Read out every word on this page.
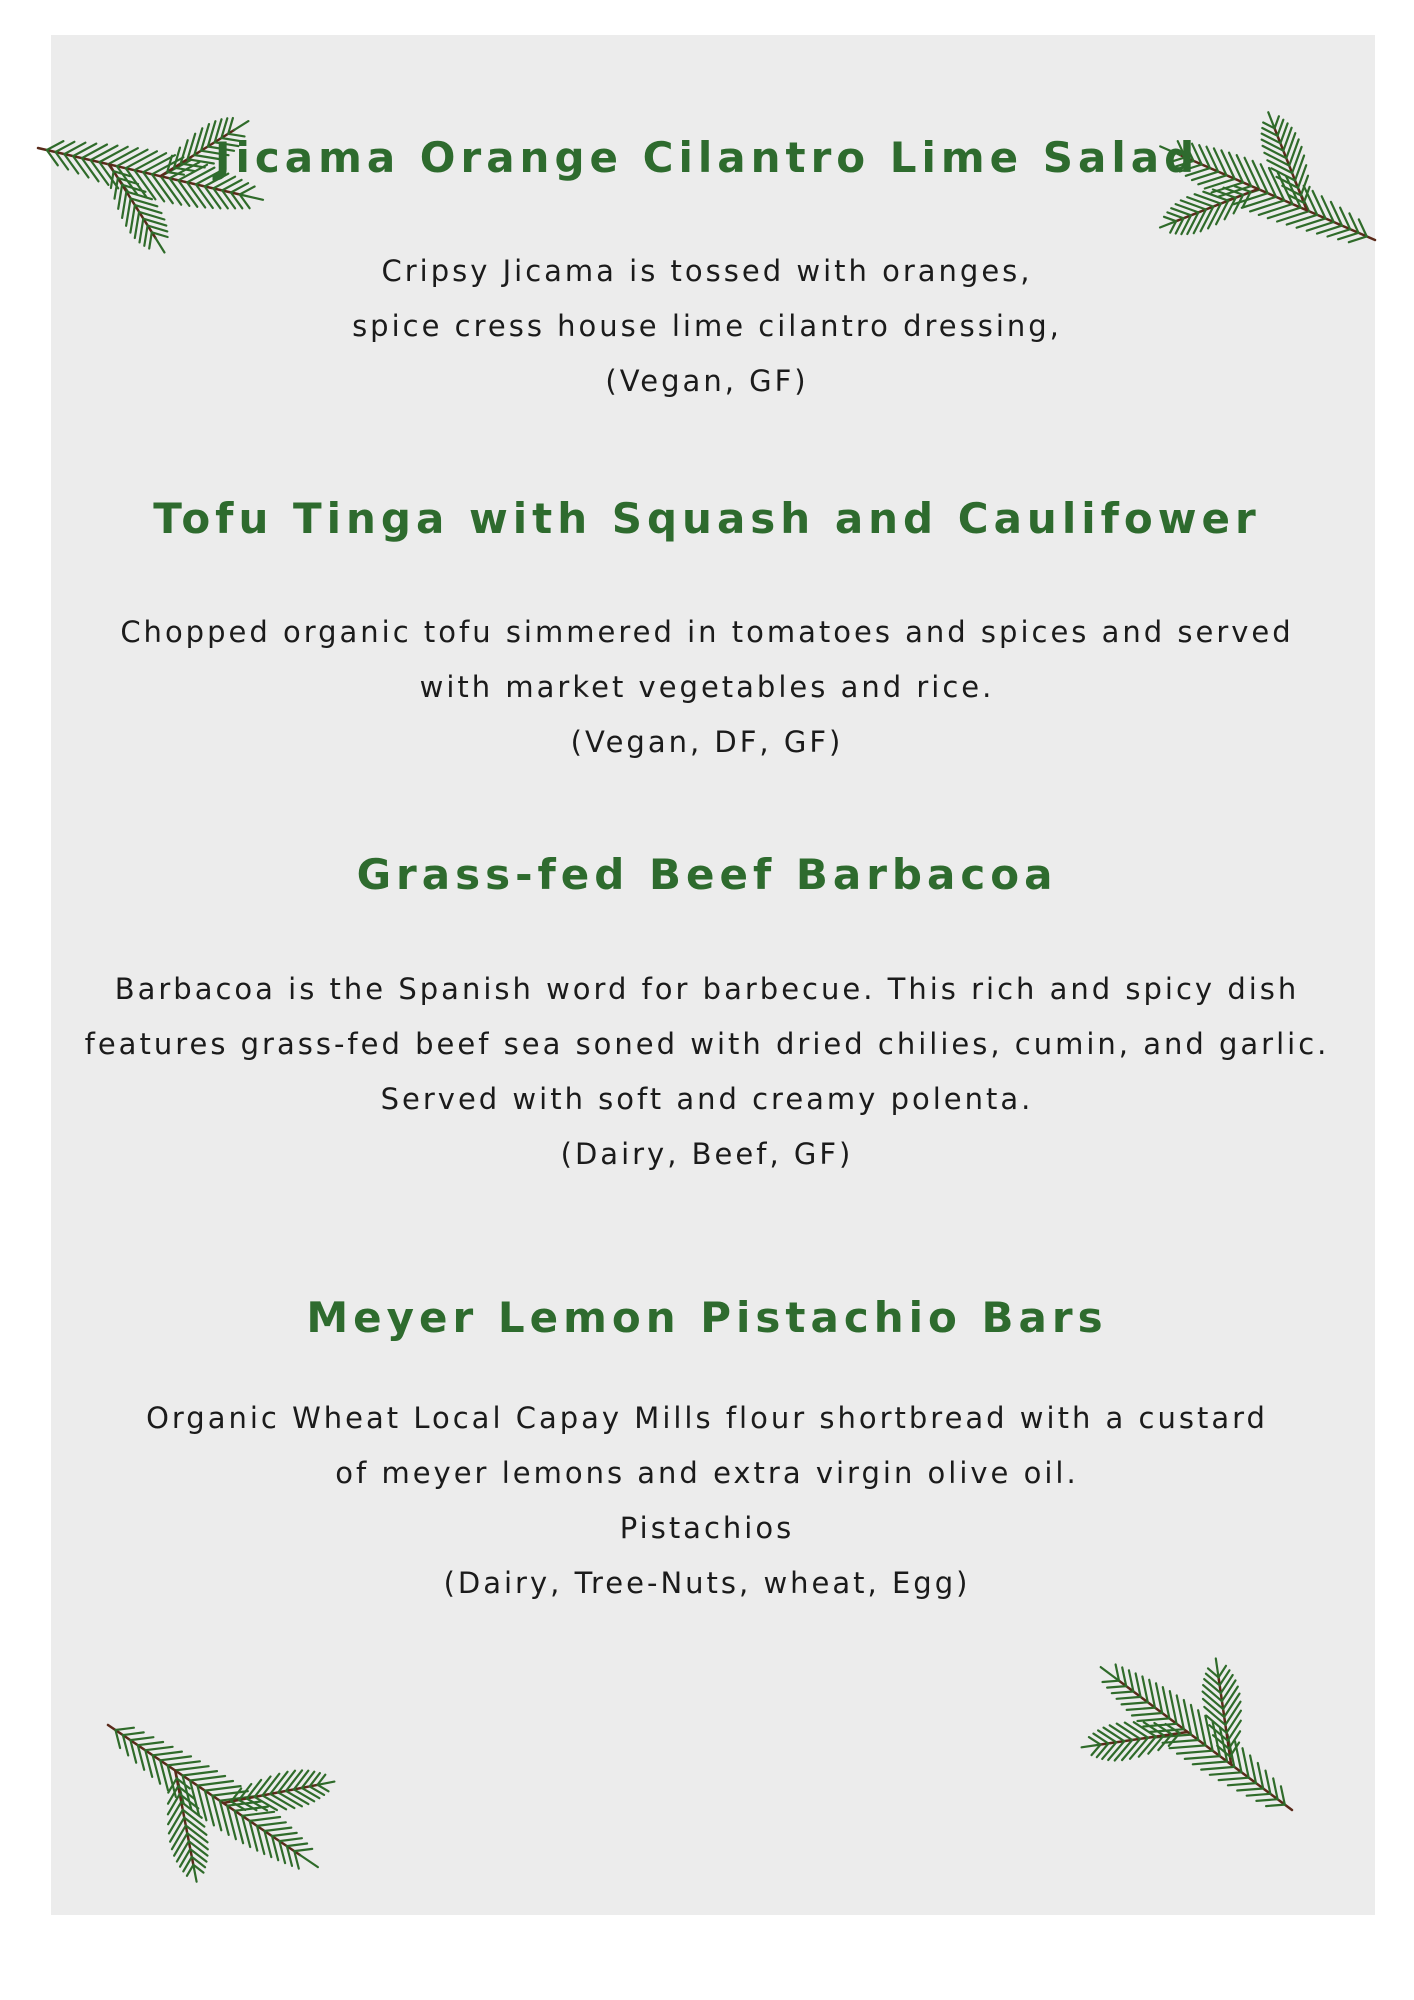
Jicama Orange Cilantro Lime Salad
Cripsy Jicama is tossed with oranges,
spice cress house lime cilantro dressing,
(Vegan, GF)
Tofu Tinga with Squash and Caulifower
Chopped organic tofu simmered in tomatoes and spices and served
with market vegetables and rice.
(Vegan, DF, GF)
Grass-fed Beef Barbacoa
Barbacoa is the Spanish word for barbecue. This rich and spicy dish
features grass-fed beef sea soned with dried chilies, cumin, and garlic.
Served with soft and creamy polenta.
(Dairy, Beef, GF)
Meyer Lemon Pistachio Bars
Organic Wheat Local Capay Mills flour shortbread with a custard
of meyer lemons and extra virgin olive oil.
Pistachios
(Dairy, Tree-Nuts, wheat, Egg)
